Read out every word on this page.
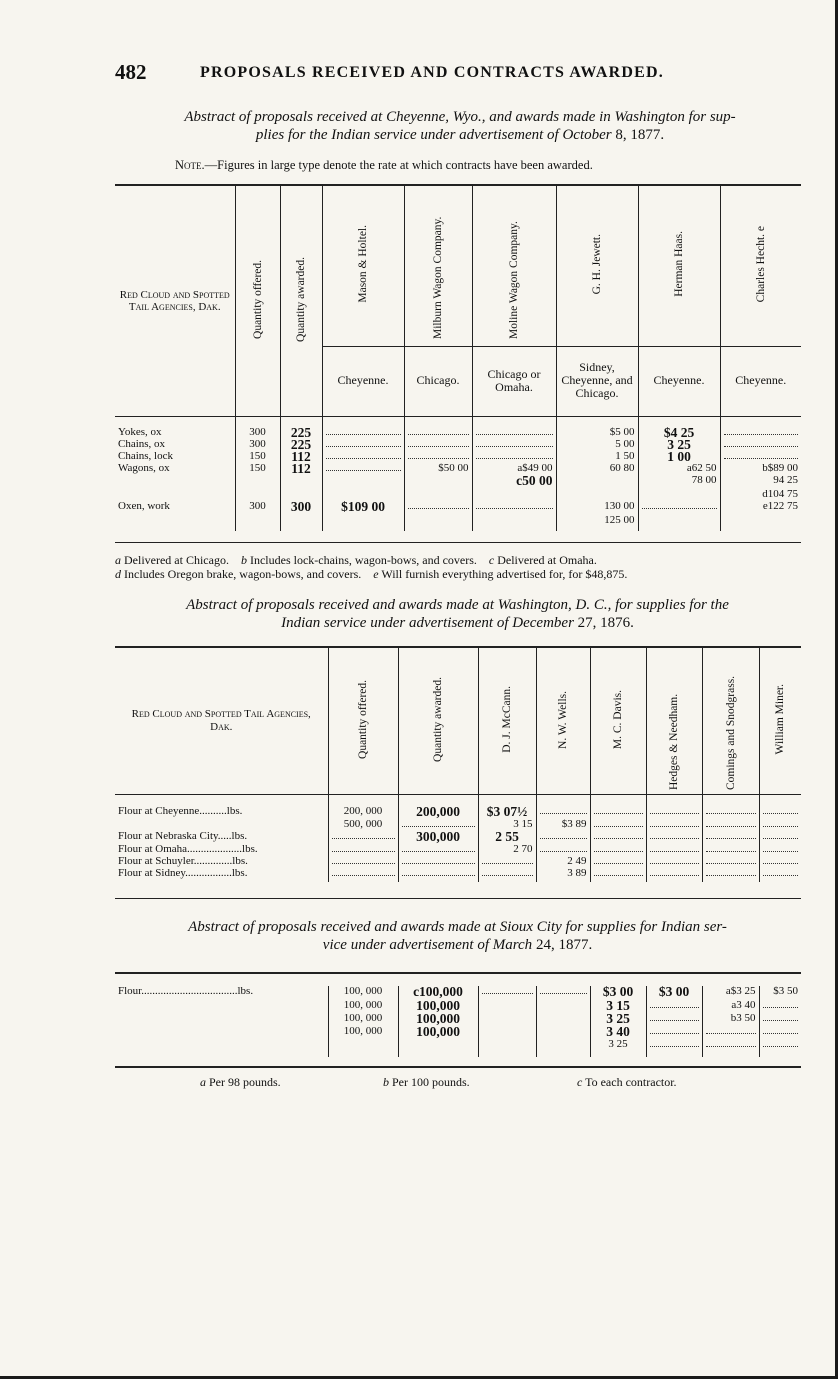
482	PROPOSALS RECEIVED AND CONTRACTS AWARDED.
Abstract of proposals received at Cheyenne, Wyo., and awards made in Washington for sup-
plies for the Indian service under advertisement of October 8, 1877.
Note.—Figures in large type denote the rate at which contracts have been awarded.
Red Cloud and Spotted Tail Agencies, Dak.	Quantity offered.	Quantity awarded.	Mason & Holtel.	Milburn Wagon Company.	Moline Wagon Company.	G. H. Jewett.	Herman Haas.	Charles Hecht. e
			Cheyenne.	Chicago.	Chicago or Omaha.	Sidney, Cheyenne, and Chicago.	Cheyenne.	Cheyenne.

Yokes, ox	300	225				$5 00	$4 25	
Chains, ox	300	225				5 00	3 25	
Chains, lock	150	112				1 50	1 00	
Wagons, ox	150	112		$50 00	a$49 00	60 80	a62 50	b$89 00
					c50 00		78 00	94 25
								d104 75
Oxen, work	300	300	$109 00			130 00		e122 75
						125 00		
a Delivered at Chicago.    b Includes lock-chains, wagon-bows, and covers.    c Delivered at Omaha.
d Includes Oregon brake, wagon-bows, and covers.    e Will furnish everything advertised for, for $48,875.
Abstract of proposals received and awards made at Washington, D. C., for supplies for the
Indian service under advertisement of December 27, 1876.
Red Cloud and Spotted Tail Agencies, Dak.	Quantity offered.	Quantity awarded.	D. J. McCann.	N. W. Wells.	M. C. Davis.	Hedges & Needham.	Comings and Snodgrass.	William Miner.

Flour at Cheyenne..........lbs.	200, 000	200,000	$3 07½					
	500, 000		3 15	$3 89				
Flour at Nebraska City.....lbs.		300,000	2 55					
Flour at Omaha....................lbs.			2 70					
Flour at Schuyler..............lbs.				2 49				
Flour at Sidney.................lbs.				3 89				
Abstract of proposals received and awards made at Sioux City for supplies for Indian ser-
vice under advertisement of March 24, 1877.
Flour...................................lbs.	100, 000	c100,000			$3 00	$3 00	a$3 25	$3 50
	100, 000	100,000			3 15		a3 40	
	100, 000	100,000			3 25		b3 50	
	100, 000	100,000			3 40			
					3 25			
a Per 98 pounds.	b Per 100 pounds.	c To each contractor.
